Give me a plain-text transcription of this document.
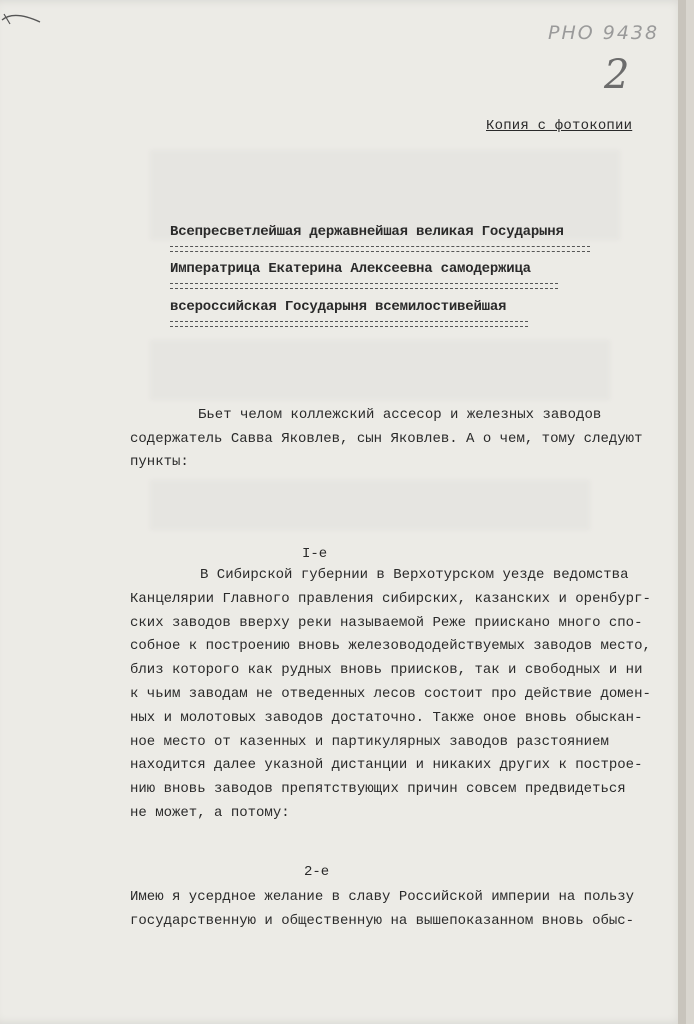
РНО 9438
2
Копия с фотокопии
Всепресветлейшая державнейшая великая Государыня
Императрица Екатерина Алексеевна самодержица
всероссийская Государыня всемилостивейшая
Бьет челом коллежский ассесор и железных заводов
содержатель Савва Яковлев, сын Яковлев. А о чем, тому следуют
пункты:
I-е
В Сибирской губернии в Верхотурском уезде ведомства
Канцелярии Главного правления сибирских, казанских и оренбург-
ских заводов вверху реки называемой Реже приискано много спо-
собное к построению вновь железовододействуемых заводов место,
близ которого как рудных вновь приисков, так и свободных и ни
к чьим заводам не отведенных лесов состоит про действие домен-
ных и молотовых заводов достаточно. Также оное вновь обыскан-
ное место от казенных и партикулярных заводов разстоянием
находится далее указной дистанции и никаких других к построе-
нию вновь заводов препятствующих причин совсем предвидеться
не может, а потому:
2-е
Имею я усердное желание в славу Российской империи на пользу
государственную и общественную на вышепоказанном вновь обыс-
